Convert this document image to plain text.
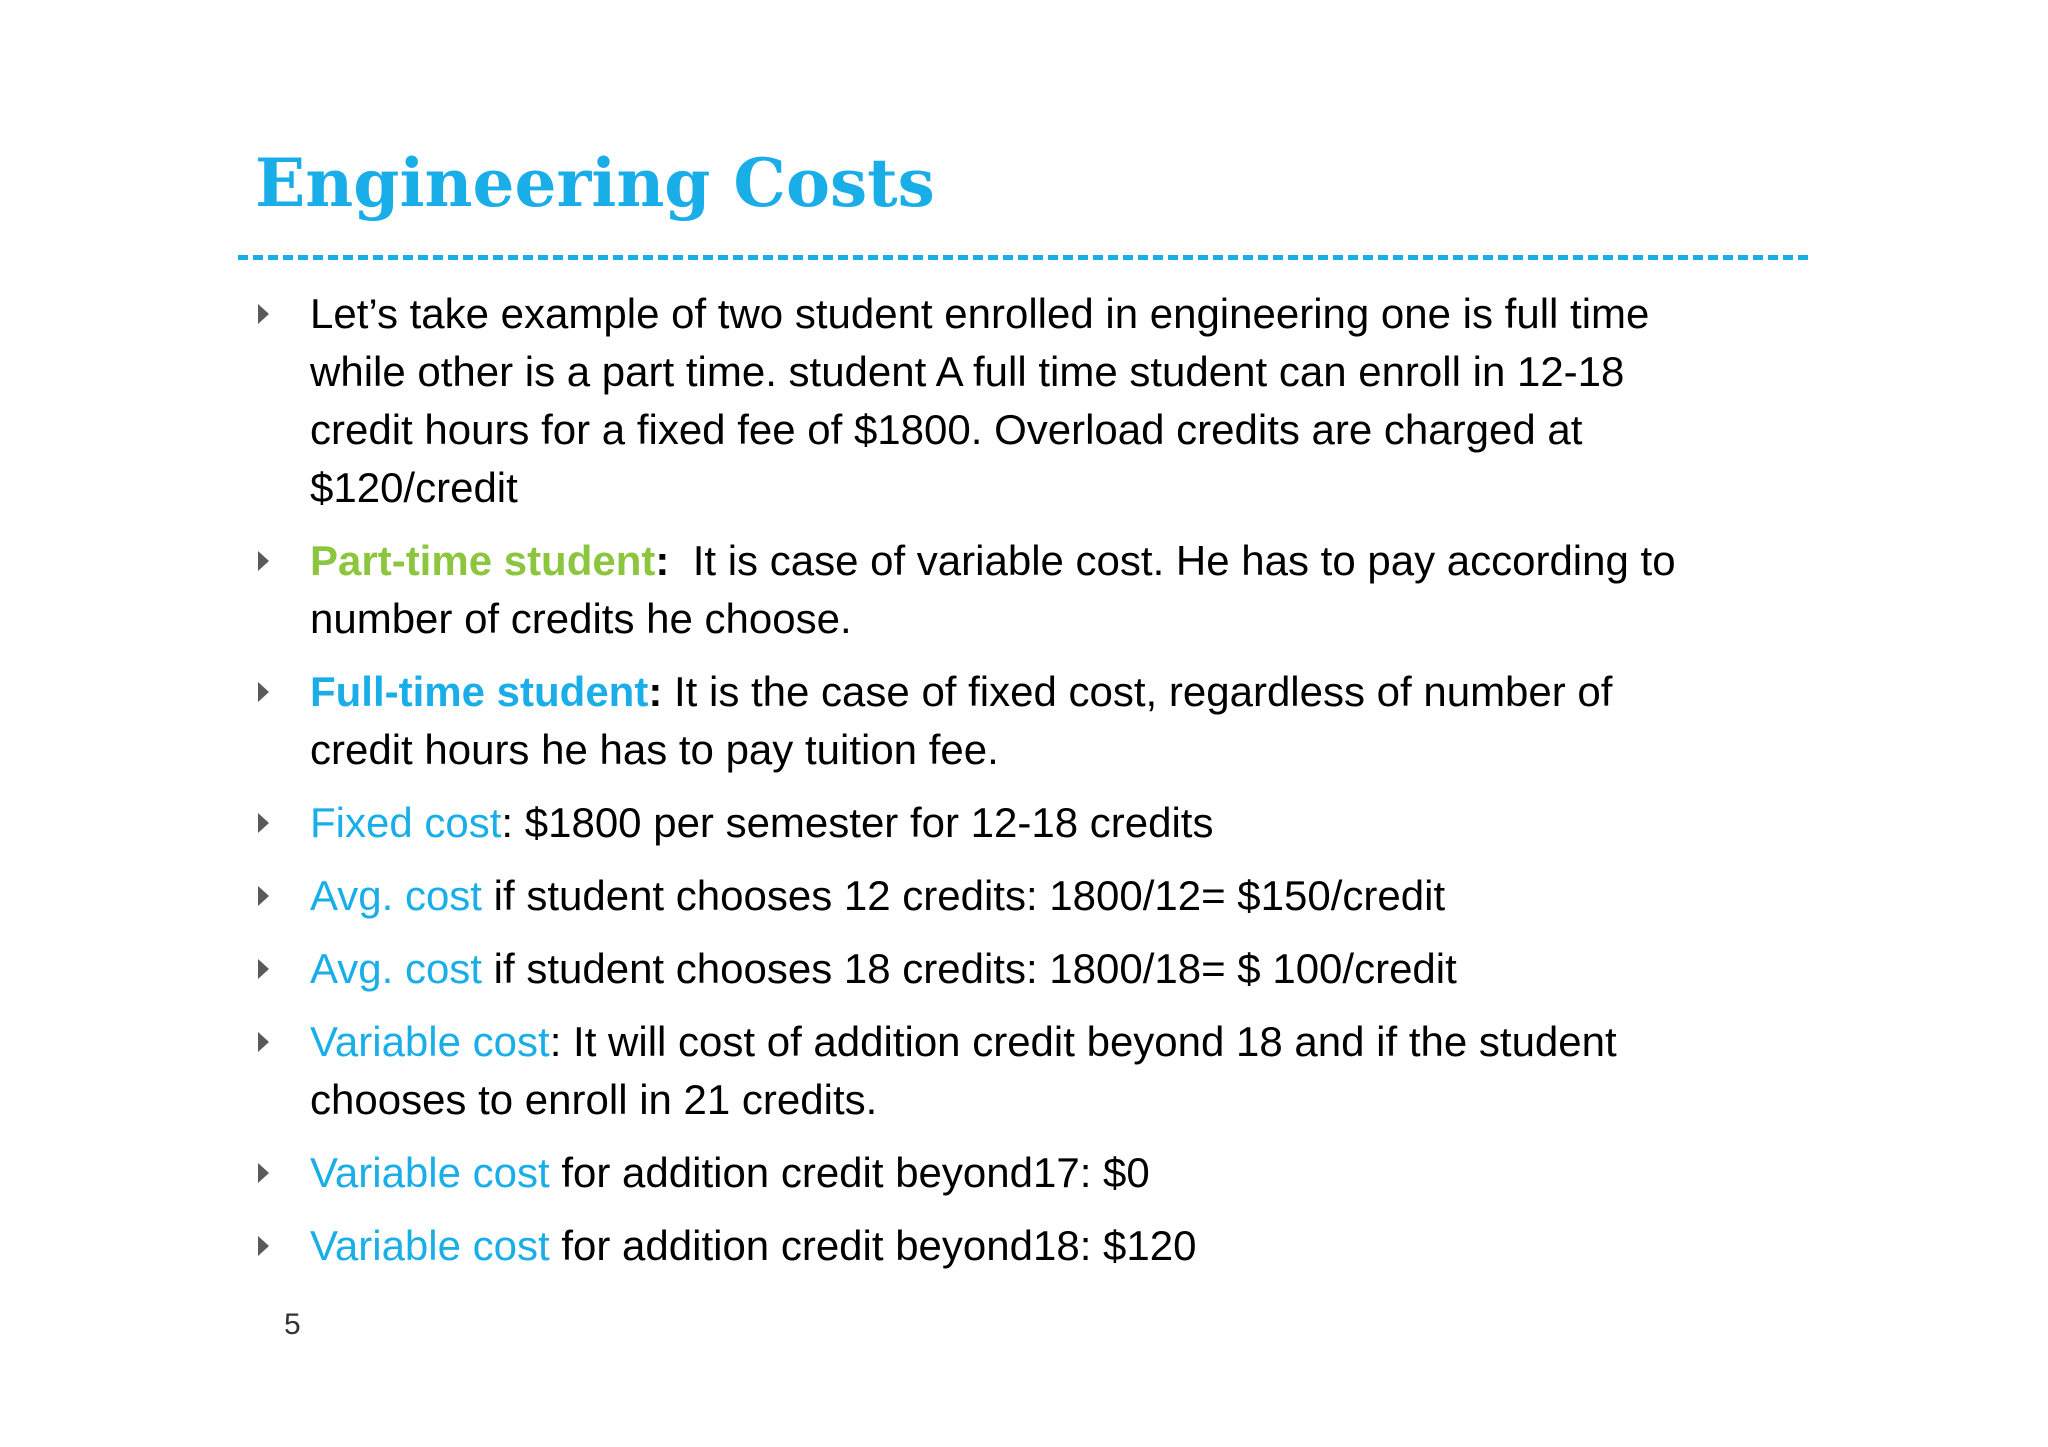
Engineering Costs
Let’s take example of two student enrolled in engineering one is full time
while other is a part time. student A full time student can enroll in 12-18
credit hours for a fixed fee of $1800. Overload credits are charged at
$120/credit
Part-time student:  It is case of variable cost. He has to pay according to
number of credits he choose.
Full-time student: It is the case of fixed cost, regardless of number of
credit hours he has to pay tuition fee.
Fixed cost: $1800 per semester for 12-18 credits
Avg. cost if student chooses 12 credits: 1800/12= $150/credit
Avg. cost if student chooses 18 credits: 1800/18= $ 100/credit
Variable cost: It will cost of addition credit beyond 18 and if the student
chooses to enroll in 21 credits.
Variable cost for addition credit beyond17: $0
Variable cost for addition credit beyond18: $120
5
